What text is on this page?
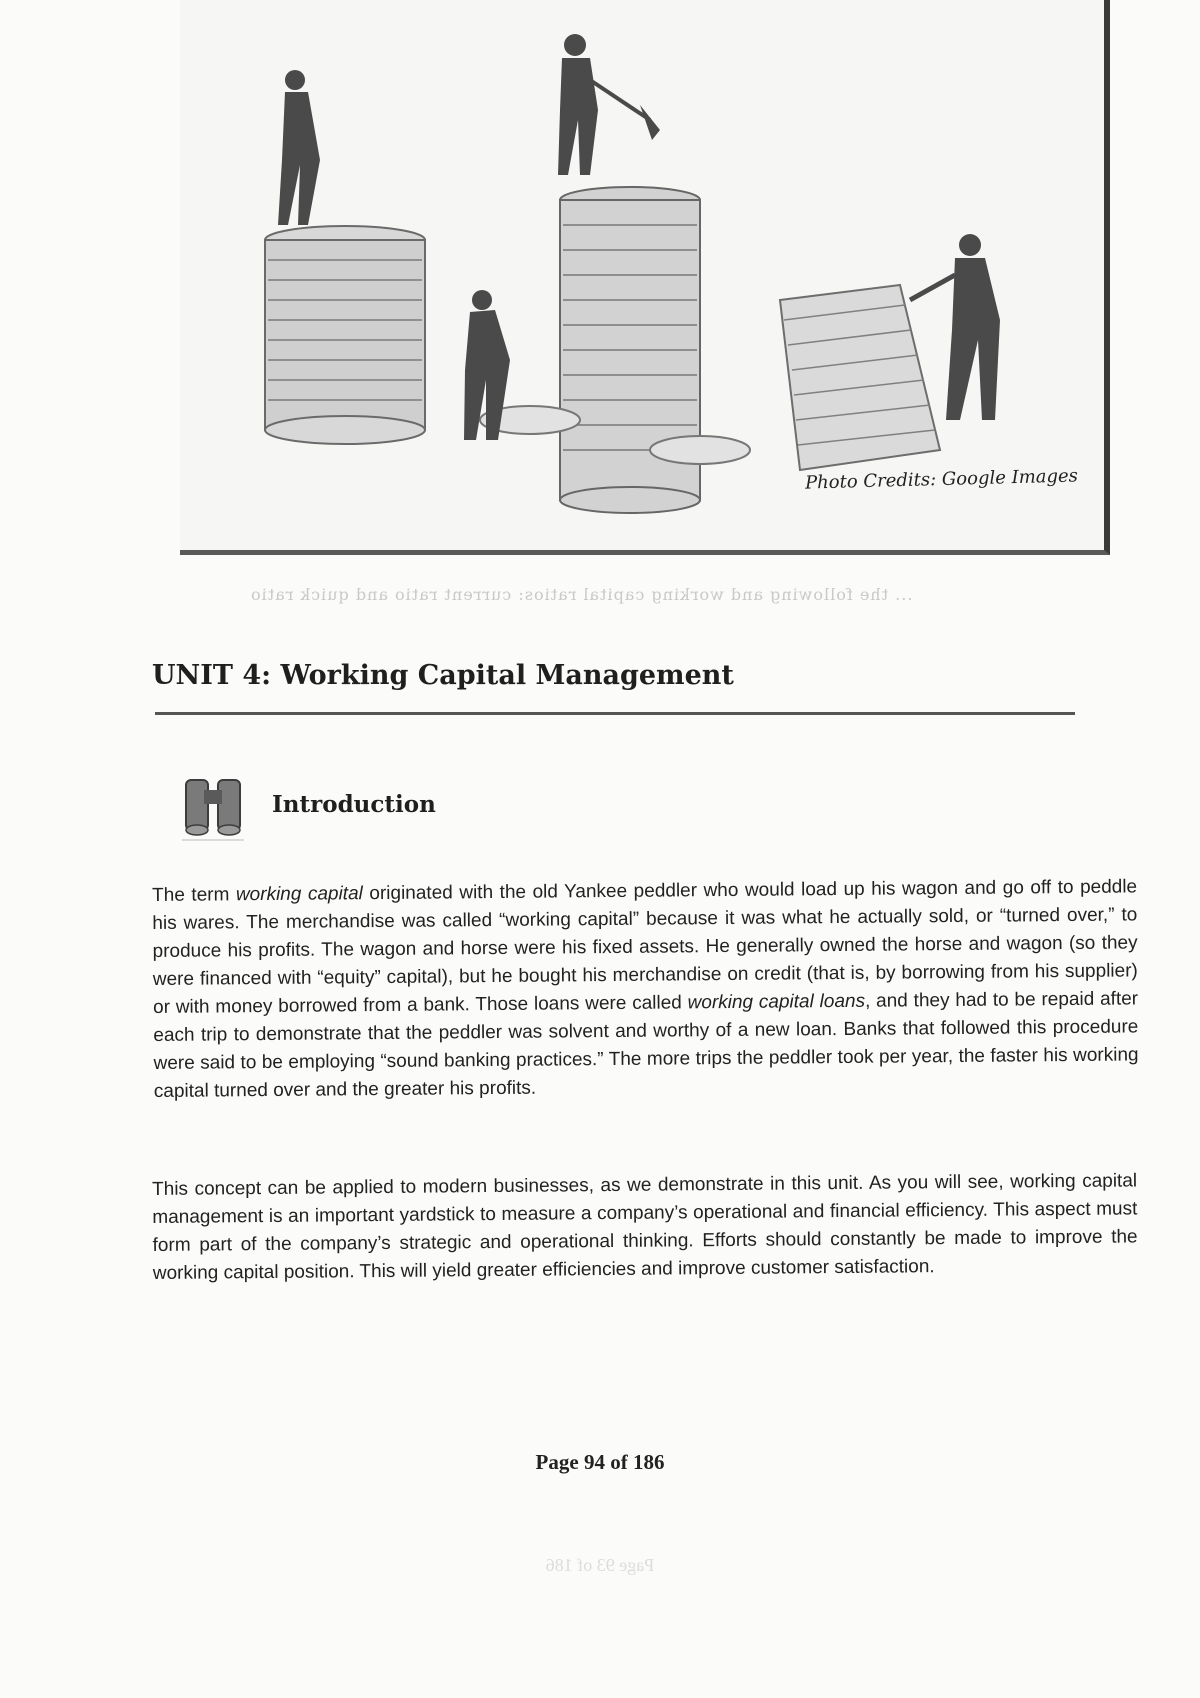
Photo Credits: Google Images
... the following and working capital ratios: current ratio and quick ratio
UNIT 4: Working Capital Management
Introduction

The term working capital originated with the old Yankee peddler who would load up his wagon and go off to peddle his wares. The merchandise was called “working capital” because it was what he actually sold, or “turned over,” to produce his profits. The wagon and horse were his fixed assets. He generally owned the horse and wagon (so they were financed with “equity” capital), but he bought his merchandise on credit (that is, by borrowing from his supplier) or with money borrowed from a bank. Those loans were called working capital loans, and they had to be repaid after each trip to demonstrate that the peddler was solvent and worthy of a new loan. Banks that followed this procedure were said to be employing “sound banking practices.” The more trips the peddler took per year, the faster his working capital turned over and the greater his profits.

This concept can be applied to modern businesses, as we demonstrate in this unit. As you will see, working capital management is an important yardstick to measure a company’s operational and financial efficiency. This aspect must form part of the company’s strategic and operational thinking. Efforts should constantly be made to improve the working capital position. This will yield greater efficiencies and improve customer satisfaction.

Page 94 of 186
Page 93 of 186
